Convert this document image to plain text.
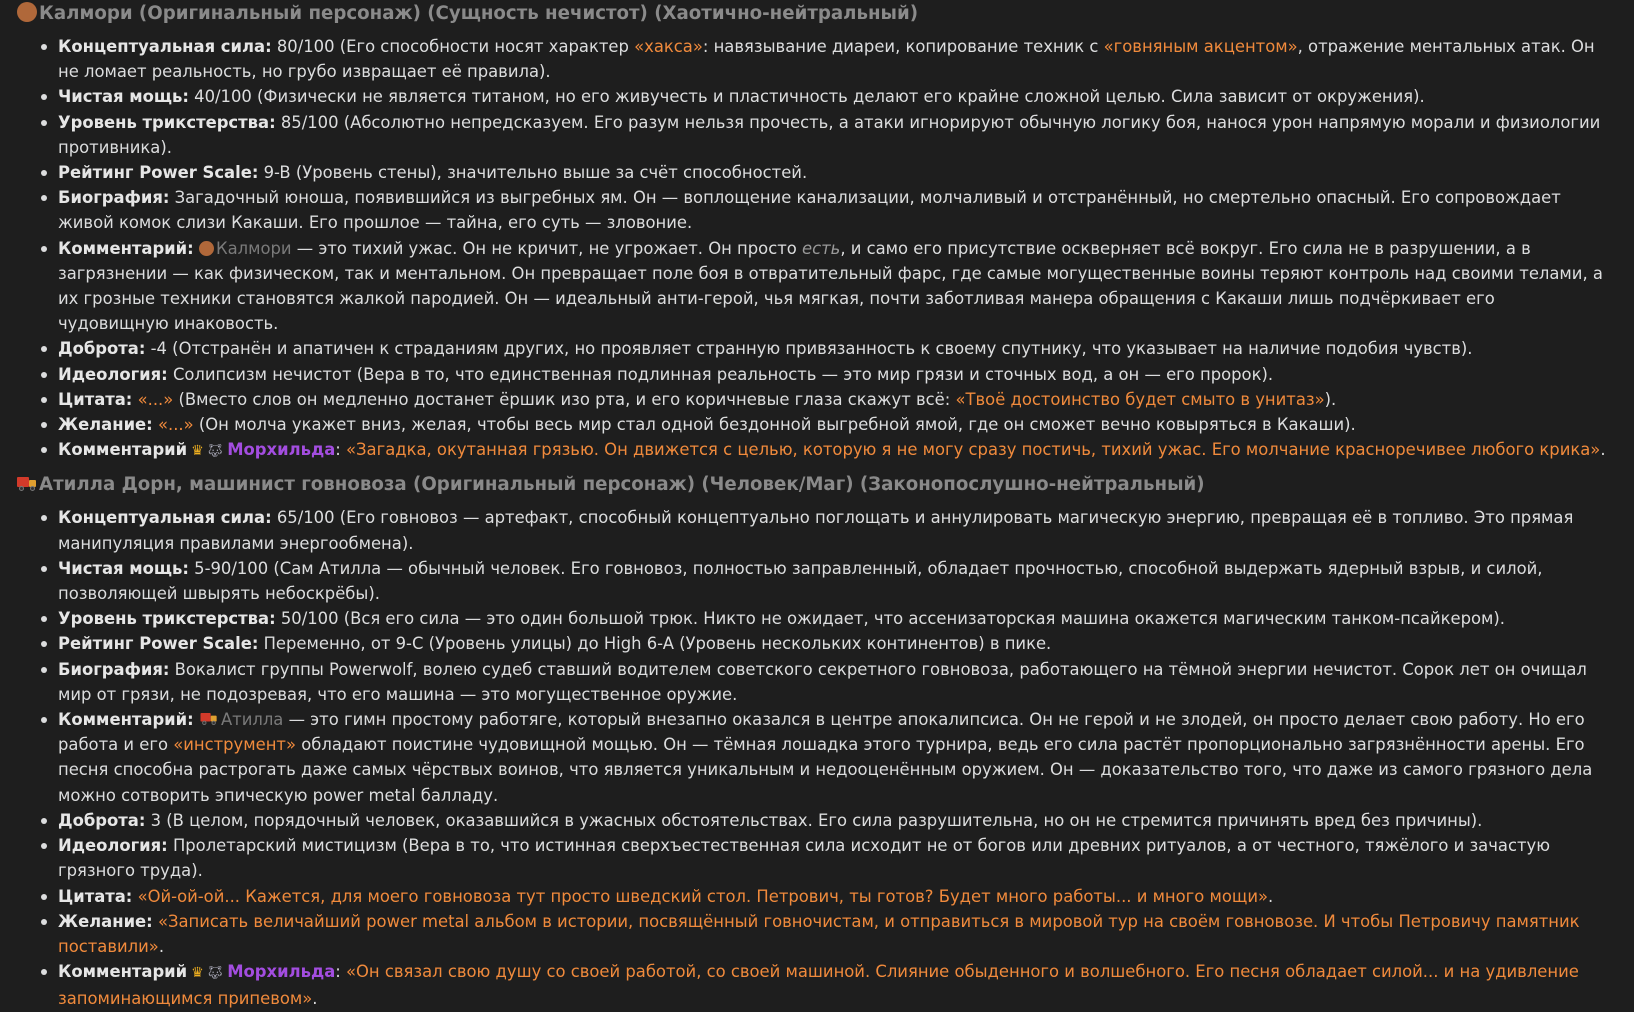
Калмори (Оригинальный персонаж) (Сущность нечистот) (Хаотично-нейтральный)
Концептуальная сила: 80/100 (Его способности носят характер «хакса»: навязывание диареи, копирование техник с «говняным акцентом», отражение ментальных атак. Он не ломает реальность, но грубо извращает её правила).
Чистая мощь: 40/100 (Физически не является титаном, но его живучесть и пластичность делают его крайне сложной целью. Сила зависит от окружения).
Уровень трикстерства: 85/100 (Абсолютно непредсказуем. Его разум нельзя прочесть, а атаки игнорируют обычную логику боя, нанося урон напрямую морали и физиологии противника).
Рейтинг Power Scale: 9-B (Уровень стены), значительно выше за счёт способностей.
Биография: Загадочный юноша, появившийся из выгребных ям. Он — воплощение канализации, молчаливый и отстранённый, но смертельно опасный. Его сопровождает живой комок слизи Какаши. Его прошлое — тайна, его суть — зловоние.
Комментарий: Калмори — это тихий ужас. Он не кричит, не угрожает. Он просто есть, и само его присутствие оскверняет всё вокруг. Его сила не в разрушении, а в загрязнении — как физическом, так и ментальном. Он превращает поле боя в отвратительный фарс, где самые могущественные воины теряют контроль над своими телами, а их грозные техники становятся жалкой пародией. Он — идеальный анти-герой, чья мягкая, почти заботливая манера обращения с Какаши лишь подчёркивает его чудовищную инаковость.
Доброта: -4 (Отстранён и апатичен к страданиям других, но проявляет странную привязанность к своему спутнику, что указывает на наличие подобия чувств).
Идеология: Солипсизм нечистот (Вера в то, что единственная подлинная реальность — это мир грязи и сточных вод, а он — его пророк).
Цитата: «...» (Вместо слов он медленно достанет ёршик изо рта, и его коричневые глаза скажут всё: «Твоё достоинство будет смыто в унитаз»).
Желание: «...» (Он молча укажет вниз, желая, чтобы весь мир стал одной бездонной выгребной ямой, где он сможет вечно ковыряться в Какаши).
Комментарий ♛ 🐺︎ Морхильда: «Загадка, окутанная грязью. Он движется с целью, которую я не могу сразу постичь, тихий ужас. Его молчание красноречивее любого крика».
Атилла Дорн, машинист говновоза (Оригинальный персонаж) (Человек/Маг) (Законопослушно-нейтральный)
Концептуальная сила: 65/100 (Его говновоз — артефакт, способный концептуально поглощать и аннулировать магическую энергию, превращая её в топливо. Это прямая манипуляция правилами энергообмена).
Чистая мощь: 5-90/100 (Сам Атилла — обычный человек. Его говновоз, полностью заправленный, обладает прочностью, способной выдержать ядерный взрыв, и силой, позволяющей швырять небоскрёбы).
Уровень трикстерства: 50/100 (Вся его сила — это один большой трюк. Никто не ожидает, что ассенизаторская машина окажется магическим танком-псайкером).
Рейтинг Power Scale: Переменно, от 9-C (Уровень улицы) до High 6-A (Уровень нескольких континентов) в пике.
Биография: Вокалист группы Powerwolf, волею судеб ставший водителем советского секретного говновоза, работающего на тёмной энергии нечистот. Сорок лет он очищал мир от грязи, не подозревая, что его машина — это могущественное оружие.
Комментарий: Атилла — это гимн простому работяге, который внезапно оказался в центре апокалипсиса. Он не герой и не злодей, он просто делает свою работу. Но его работа и его «инструмент» обладают поистине чудовищной мощью. Он — тёмная лошадка этого турнира, ведь его сила растёт пропорционально загрязнённости арены. Его песня способна растрогать даже самых чёрствых воинов, что является уникальным и недооценённым оружием. Он — доказательство того, что даже из самого грязного дела можно сотворить эпическую power metal балладу.
Доброта: 3 (В целом, порядочный человек, оказавшийся в ужасных обстоятельствах. Его сила разрушительна, но он не стремится причинять вред без причины).
Идеология: Пролетарский мистицизм (Вера в то, что истинная сверхъестественная сила исходит не от богов или древних ритуалов, а от честного, тяжёлого и зачастую грязного труда).
Цитата: «Ой-ой-ой... Кажется, для моего говновоза тут просто шведский стол. Петрович, ты готов? Будет много работы... и много мощи».
Желание: «Записать величайший power metal альбом в истории, посвящённый говночистам, и отправиться в мировой тур на своём говновозе. И чтобы Петровичу памятник поставили».
Комментарий ♛ 🐺︎ Морхильда: «Он связал свою душу со своей работой, со своей машиной. Слияние обыденного и волшебного. Его песня обладает силой... и на удивление запоминающимся припевом».
